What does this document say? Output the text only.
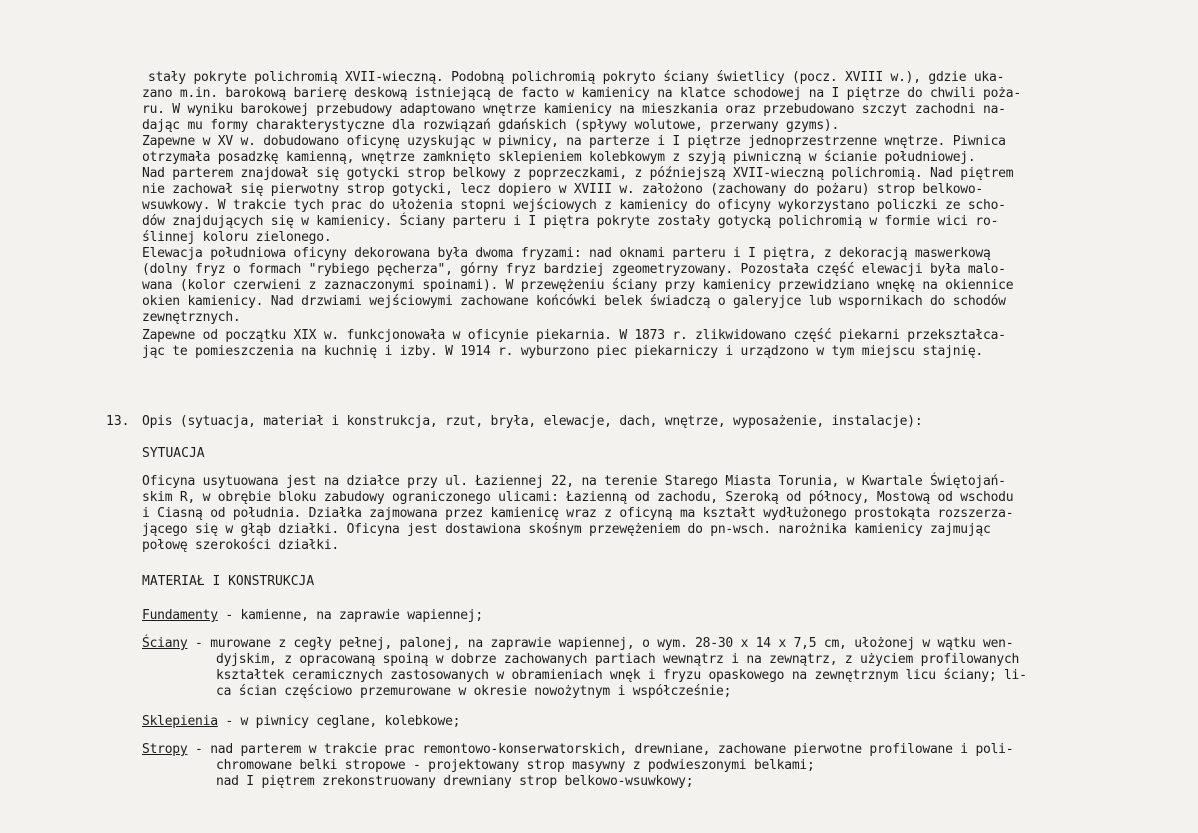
stały pokryte polichromią XVII-wieczną. Podobną polichromią pokryto ściany świetlicy (pocz. XVIII w.), gdzie uka-
zano m.in. barokową barierę deskową istniejącą de facto w kamienicy na klatce schodowej na I piętrze do chwili poża-
ru. W wyniku barokowej przebudowy adaptowano wnętrze kamienicy na mieszkania oraz przebudowano szczyt zachodni na-
dając mu formy charakterystyczne dla rozwiązań gdańskich (spływy wolutowe, przerwany gzyms).
Zapewne w XV w. dobudowano oficynę uzyskując w piwnicy, na parterze i I piętrze jednoprzestrzenne wnętrze. Piwnica
otrzymała posadzkę kamienną, wnętrze zamknięto sklepieniem kolebkowym z szyją piwniczną w ścianie południowej.
Nad parterem znajdował się gotycki strop belkowy z poprzeczkami, z późniejszą XVII-wieczną polichromią. Nad piętrem
nie zachował się pierwotny strop gotycki, lecz dopiero w XVIII w. założono (zachowany do pożaru) strop belkowo-
wsuwkowy. W trakcie tych prac do ułożenia stopni wejściowych z kamienicy do oficyny wykorzystano policzki ze scho-
dów znajdujących się w kamienicy. Ściany parteru i I piętra pokryte zostały gotycką polichromią w formie wici ro-
ślinnej koloru zielonego.
Elewacja południowa oficyny dekorowana była dwoma fryzami: nad oknami parteru i I piętra, z dekoracją maswerkową
(dolny fryz o formach "rybiego pęcherza", górny fryz bardziej zgeometryzowany. Pozostała część elewacji była malo-
wana (kolor czerwieni z zaznaczonymi spoinami). W przewężeniu ściany przy kamienicy przewidziano wnękę na okiennice
okien kamienicy. Nad drzwiami wejściowymi zachowane końcówki belek świadczą o galeryjce lub wspornikach do schodów
zewnętrznych.
Zapewne od początku XIX w. funkcjonowała w oficynie piekarnia. W 1873 r. zlikwidowano część piekarni przekształca-
jąc te pomieszczenia na kuchnię i izby. W 1914 r. wyburzono piec piekarniczy i urządzono w tym miejscu stajnię.
13. Opis (sytuacja, materiał i konstrukcja, rzut, bryła, elewacje, dach, wnętrze, wyposażenie, instalacje):
SYTUACJA
Oficyna usytuowana jest na działce przy ul. Łaziennej 22, na terenie Starego Miasta Torunia, w Kwartale Świętojań-
skim R, w obrębie bloku zabudowy ograniczonego ulicami: Łazienną od zachodu, Szeroką od północy, Mostową od wschodu
i Ciasną od południa. Działka zajmowana przez kamienicę wraz z oficyną ma kształt wydłużonego prostokąta rozszerza-
jącego się w głąb działki. Oficyna jest dostawiona skośnym przewężeniem do pn-wsch. narożnika kamienicy zajmując
połowę szerokości działki.
MATERIAŁ I KONSTRUKCJA
Fundamenty - kamienne, na zaprawie wapiennej;
Ściany - murowane z cegły pełnej, palonej, na zaprawie wapiennej, o wym. 28-30 x 14 x 7,5 cm, ułożonej w wątku wen-
dyjskim, z opracowaną spoiną w dobrze zachowanych partiach wewnątrz i na zewnątrz, z użyciem profilowanych
kształtek ceramicznych zastosowanych w obramieniach wnęk i fryzu opaskowego na zewnętrznym licu ściany; li-
ca ścian częściowo przemurowane w okresie nowożytnym i współcześnie;
Sklepienia - w piwnicy ceglane, kolebkowe;
Stropy - nad parterem w trakcie prac remontowo-konserwatorskich, drewniane, zachowane pierwotne profilowane i poli-
chromowane belki stropowe - projektowany strop masywny z podwieszonymi belkami;
nad I piętrem zrekonstruowany drewniany strop belkowo-wsuwkowy;
